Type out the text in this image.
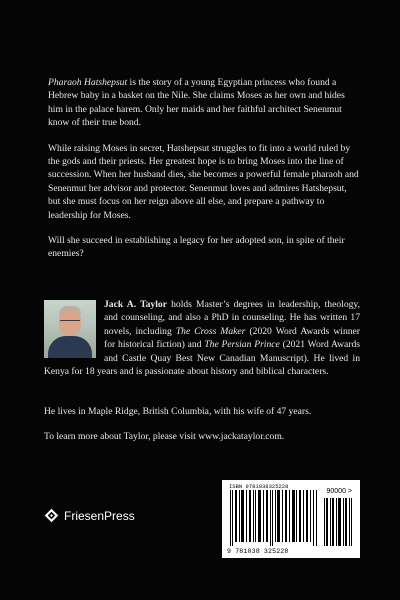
Pharaoh Hatshepsut is the story of a young Egyptian princess who found a Hebrew baby in a basket on the Nile. She claims Moses as her own and hides him in the palace harem. Only her maids and her faithful architect Senenmut know of their true bond.

While raising Moses in secret, Hatshepsut struggles to fit into a world ruled by the gods and their priests. Her greatest hope is to bring Moses into the line of succession. When her husband dies, she becomes a powerful female pharaoh and Senenmut her advisor and protector. Senenmut loves and admires Hatshepsut, but she must focus on her reign above all else, and prepare a pathway to leadership for Moses.

Will she succeed in establishing a legacy for her adopted son, in spite of their enemies?

Jack A. Taylor holds Master’s degrees in leadership, theology, and counseling, and also a PhD in counseling. He has written 17 novels, including The Cross Maker (2020 Word Awards winner for historical fiction) and The Persian Prince (2021 Word Awards and Castle Quay Best New Canadian Manuscript). He lived in Kenya for 18 years and is passionate about history and biblical characters.

He lives in Maple Ridge, British Columbia, with his wife of 47 years.

To learn more about Taylor, please visit www.jackataylor.com.

FriesenPress
ISBN 9781038325228
90000 >
9 781038 325228
